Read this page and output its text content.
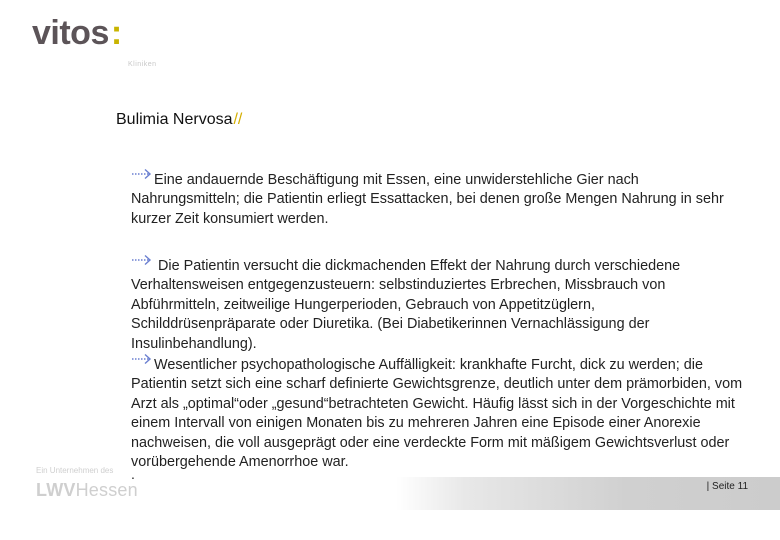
vitos:
Kliniken
Bulimia Nervosa//
Eine andauernde Beschäftigung mit Essen, eine unwiderstehliche Gier nach Nahrungsmitteln; die Patientin erliegt Essattacken, bei denen große Mengen Nahrung in sehr kurzer Zeit konsumiert werden.
Die Patientin versucht die dickmachenden Effekt der Nahrung durch verschiedene Verhaltensweisen entgegenzusteuern: selbstinduziertes Erbrechen, Missbrauch von Abführmitteln, zeitweilige Hungerperioden, Gebrauch von Appetitzüglern, Schilddrüsenpräparate oder Diuretika. (Bei Diabetikerinnen Vernachlässigung der Insulinbehandlung).
Wesentlicher psychopathologische Auffälligkeit: krankhafte Furcht, dick zu werden; die Patientin setzt sich eine scharf definierte Gewichtsgrenze, deutlich unter dem prämorbiden, vom Arzt als „optimal“oder „gesund“betrachteten Gewicht. Häufig lässt sich in der Vorgeschichte mit einem Intervall von einigen Monaten bis zu mehreren Jahren eine Episode einer Anorexie nachweisen, die voll ausgeprägt oder eine verdeckte Form mit mäßigem Gewichtsverlust oder vorübergehende Amenorrhoe war.
.
| Seite 11
Ein Unternehmen des
LWVHessen
